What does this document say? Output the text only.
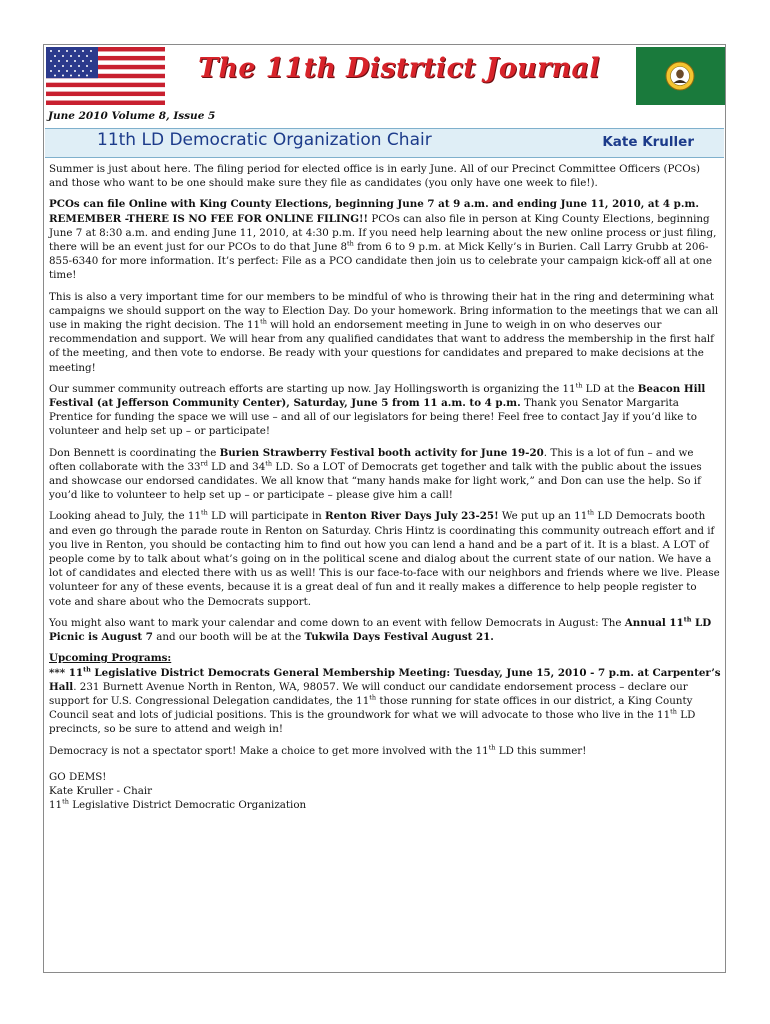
The 11th Distrtict Journal
June 2010 Volume 8, Issue 5
11th LD Democratic Organization Chair	Kate Kruller

Summer is just about here. The filing period for elected office is in early June. All of our Precinct Committee Officers (PCOs) and those who want to be one should make sure they file as candidates (you only have one week to file!).

PCOs can file Online with King County Elections, beginning June 7 at 9 a.m. and ending June 11, 2010, at 4 p.m. REMEMBER -THERE IS NO FEE FOR ONLINE FILING!! PCOs can also file in person at King County Elections, beginning June 7 at 8:30 a.m. and ending June 11, 2010, at 4:30 p.m. If you need help learning about the new online process or just filing, there will be an event just for our PCOs to do that June 8th from 6 to 9 p.m. at Mick Kelly’s in Burien. Call Larry Grubb at 206-855-6340 for more information. It’s perfect: File as a PCO candidate then join us to celebrate your campaign kick-off all at one time!

This is also a very important time for our members to be mindful of who is throwing their hat in the ring and determining what campaigns we should support on the way to Election Day. Do your homework. Bring information to the meetings that we can all use in making the right decision. The 11th will hold an endorsement meeting in June to weigh in on who deserves our recommendation and support. We will hear from any qualified candidates that want to address the membership in the first half of the meeting, and then vote to endorse. Be ready with your questions for candidates and prepared to make decisions at the meeting!

Our summer community outreach efforts are starting up now. Jay Hollingsworth is organizing the 11th LD at the Beacon Hill Festival (at Jefferson Community Center), Saturday, June 5 from 11 a.m. to 4 p.m. Thank you Senator Margarita Prentice for funding the space we will use – and all of our legislators for being there! Feel free to contact Jay if you’d like to volunteer and help set up – or participate!

Don Bennett is coordinating the Burien Strawberry Festival booth activity for June 19-20. This is a lot of fun – and we often collaborate with the 33rd LD and 34th LD. So a LOT of Democrats get together and talk with the public about the issues and showcase our endorsed candidates. We all know that “many hands make for light work,” and Don can use the help. So if you’d like to volunteer to help set up – or participate – please give him a call!

Looking ahead to July, the 11th LD will participate in Renton River Days July 23-25! We put up an 11th LD Democrats booth and even go through the parade route in Renton on Saturday. Chris Hintz is coordinating this community outreach effort and if you live in Renton, you should be contacting him to find out how you can lend a hand and be a part of it. It is a blast. A LOT of people come by to talk about what’s going on in the political scene and dialog about the current state of our nation. We have a lot of candidates and elected there with us as well! This is our face-to-face with our neighbors and friends where we live. Please volunteer for any of these events, because it is a great deal of fun and it really makes a difference to help people register to vote and share about who the Democrats support.

You might also want to mark your calendar and come down to an event with fellow Democrats in August: The Annual 11th LD Picnic is August 7 and our booth will be at the Tukwila Days Festival August 21.

Upcoming Programs:
*** 11th Legislative District Democrats General Membership Meeting: Tuesday, June 15, 2010 - 7 p.m. at Carpenter’s Hall. 231 Burnett Avenue North in Renton, WA, 98057. We will conduct our candidate endorsement process – declare our support for U.S. Congressional Delegation candidates, the 11th those running for state offices in our district, a King County Council seat and lots of judicial positions. This is the groundwork for what we will advocate to those who live in the 11th LD precincts, so be sure to attend and weigh in!

Democracy is not a spectator sport! Make a choice to get more involved with the 11th LD this summer!

GO DEMS!

Kate Kruller - Chair

11th Legislative District Democratic Organization
